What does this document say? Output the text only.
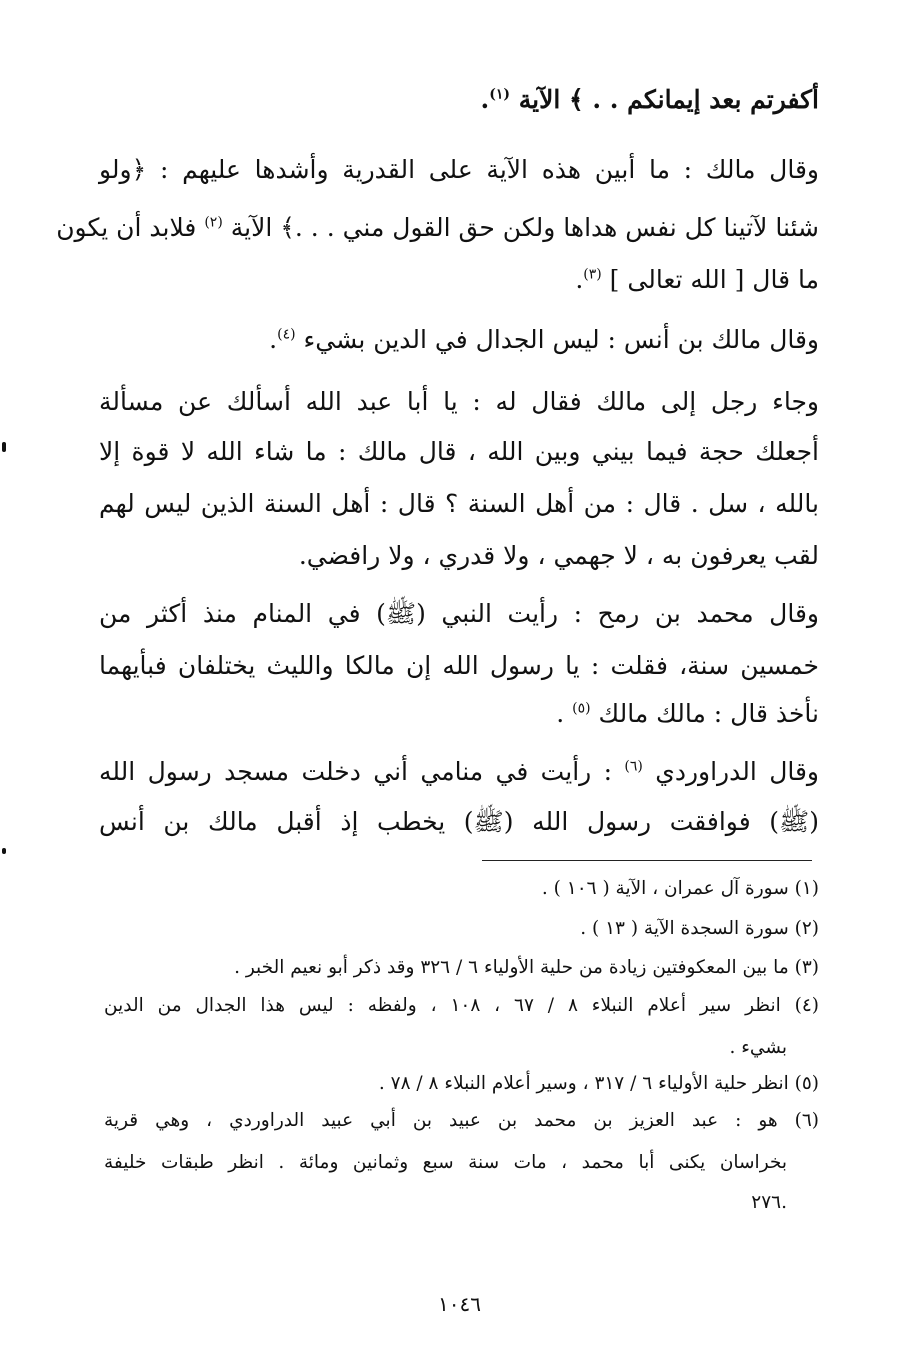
أكفرتم بعد إيمانكم . . ﴾ الآية $^{(١)}$.
وقال مالك : ما أبين هذه الآية على القدرية وأشدها عليهم : ﴿ولو
شئنا لآتينا كل نفس هداها ولكن حق القول مني . . .﴾ الآية $^{(٢)}$ فلابد أن يكون
ما قال [ الله تعالى ] $^{(٣)}$.
وقال مالك بن أنس : ليس الجدال في الدين بشيء $^{(٤)}$.
وجاء رجل إلى مالك فقال له : يا أبا عبد الله أسألك عن مسألة
أجعلك حجة فيما بيني وبين الله ، قال مالك : ما شاء الله لا قوة إلا
بالله ، سل . قال : من أهل السنة ؟ قال : أهل السنة الذين ليس لهم
لقب يعرفون به ، لا جهمي ، ولا قدري ، ولا رافضي.
وقال محمد بن رمح : رأيت النبي (ﷺ) في المنام منذ أكثر من
خمسين سنة، فقلت : يا رسول الله إن مالكا والليث يختلفان فبأيهما
نأخذ قال : مالك مالك $^{(٥)}$ .
وقال الدراوردي $^{(٦)}$ : رأيت في منامي أني دخلت مسجد رسول الله
(ﷺ) فوافقت رسول الله (ﷺ) يخطب إذ أقبل مالك بن أنس
(١) سورة آل عمران ، الآية ( ١٠٦ ) .
(٢) سورة السجدة الآية ( ١٣ ) .
(٣) ما بين المعكوفتين زيادة من حلية الأولياء ٦ / ٣٢٦ وقد ذكر أبو نعيم الخبر .
(٤) انظر سير أعلام النبلاء ٨ / ٦٧ ، ١٠٨ ، ولفظه : ليس هذا الجدال من الدين
بشيء .
(٥) انظر حلية الأولياء ٦ / ٣١٧ ، وسير أعلام النبلاء ٨ / ٧٨ .
(٦) هو : عبد العزيز بن محمد بن عبيد بن أبي عبيد الدراوردي ، وهي قرية
بخراسان يكنى أبا محمد ، مات سنة سبع وثمانين ومائة . انظر طبقات خليفة
.٢٧٦
١٠٤٦
